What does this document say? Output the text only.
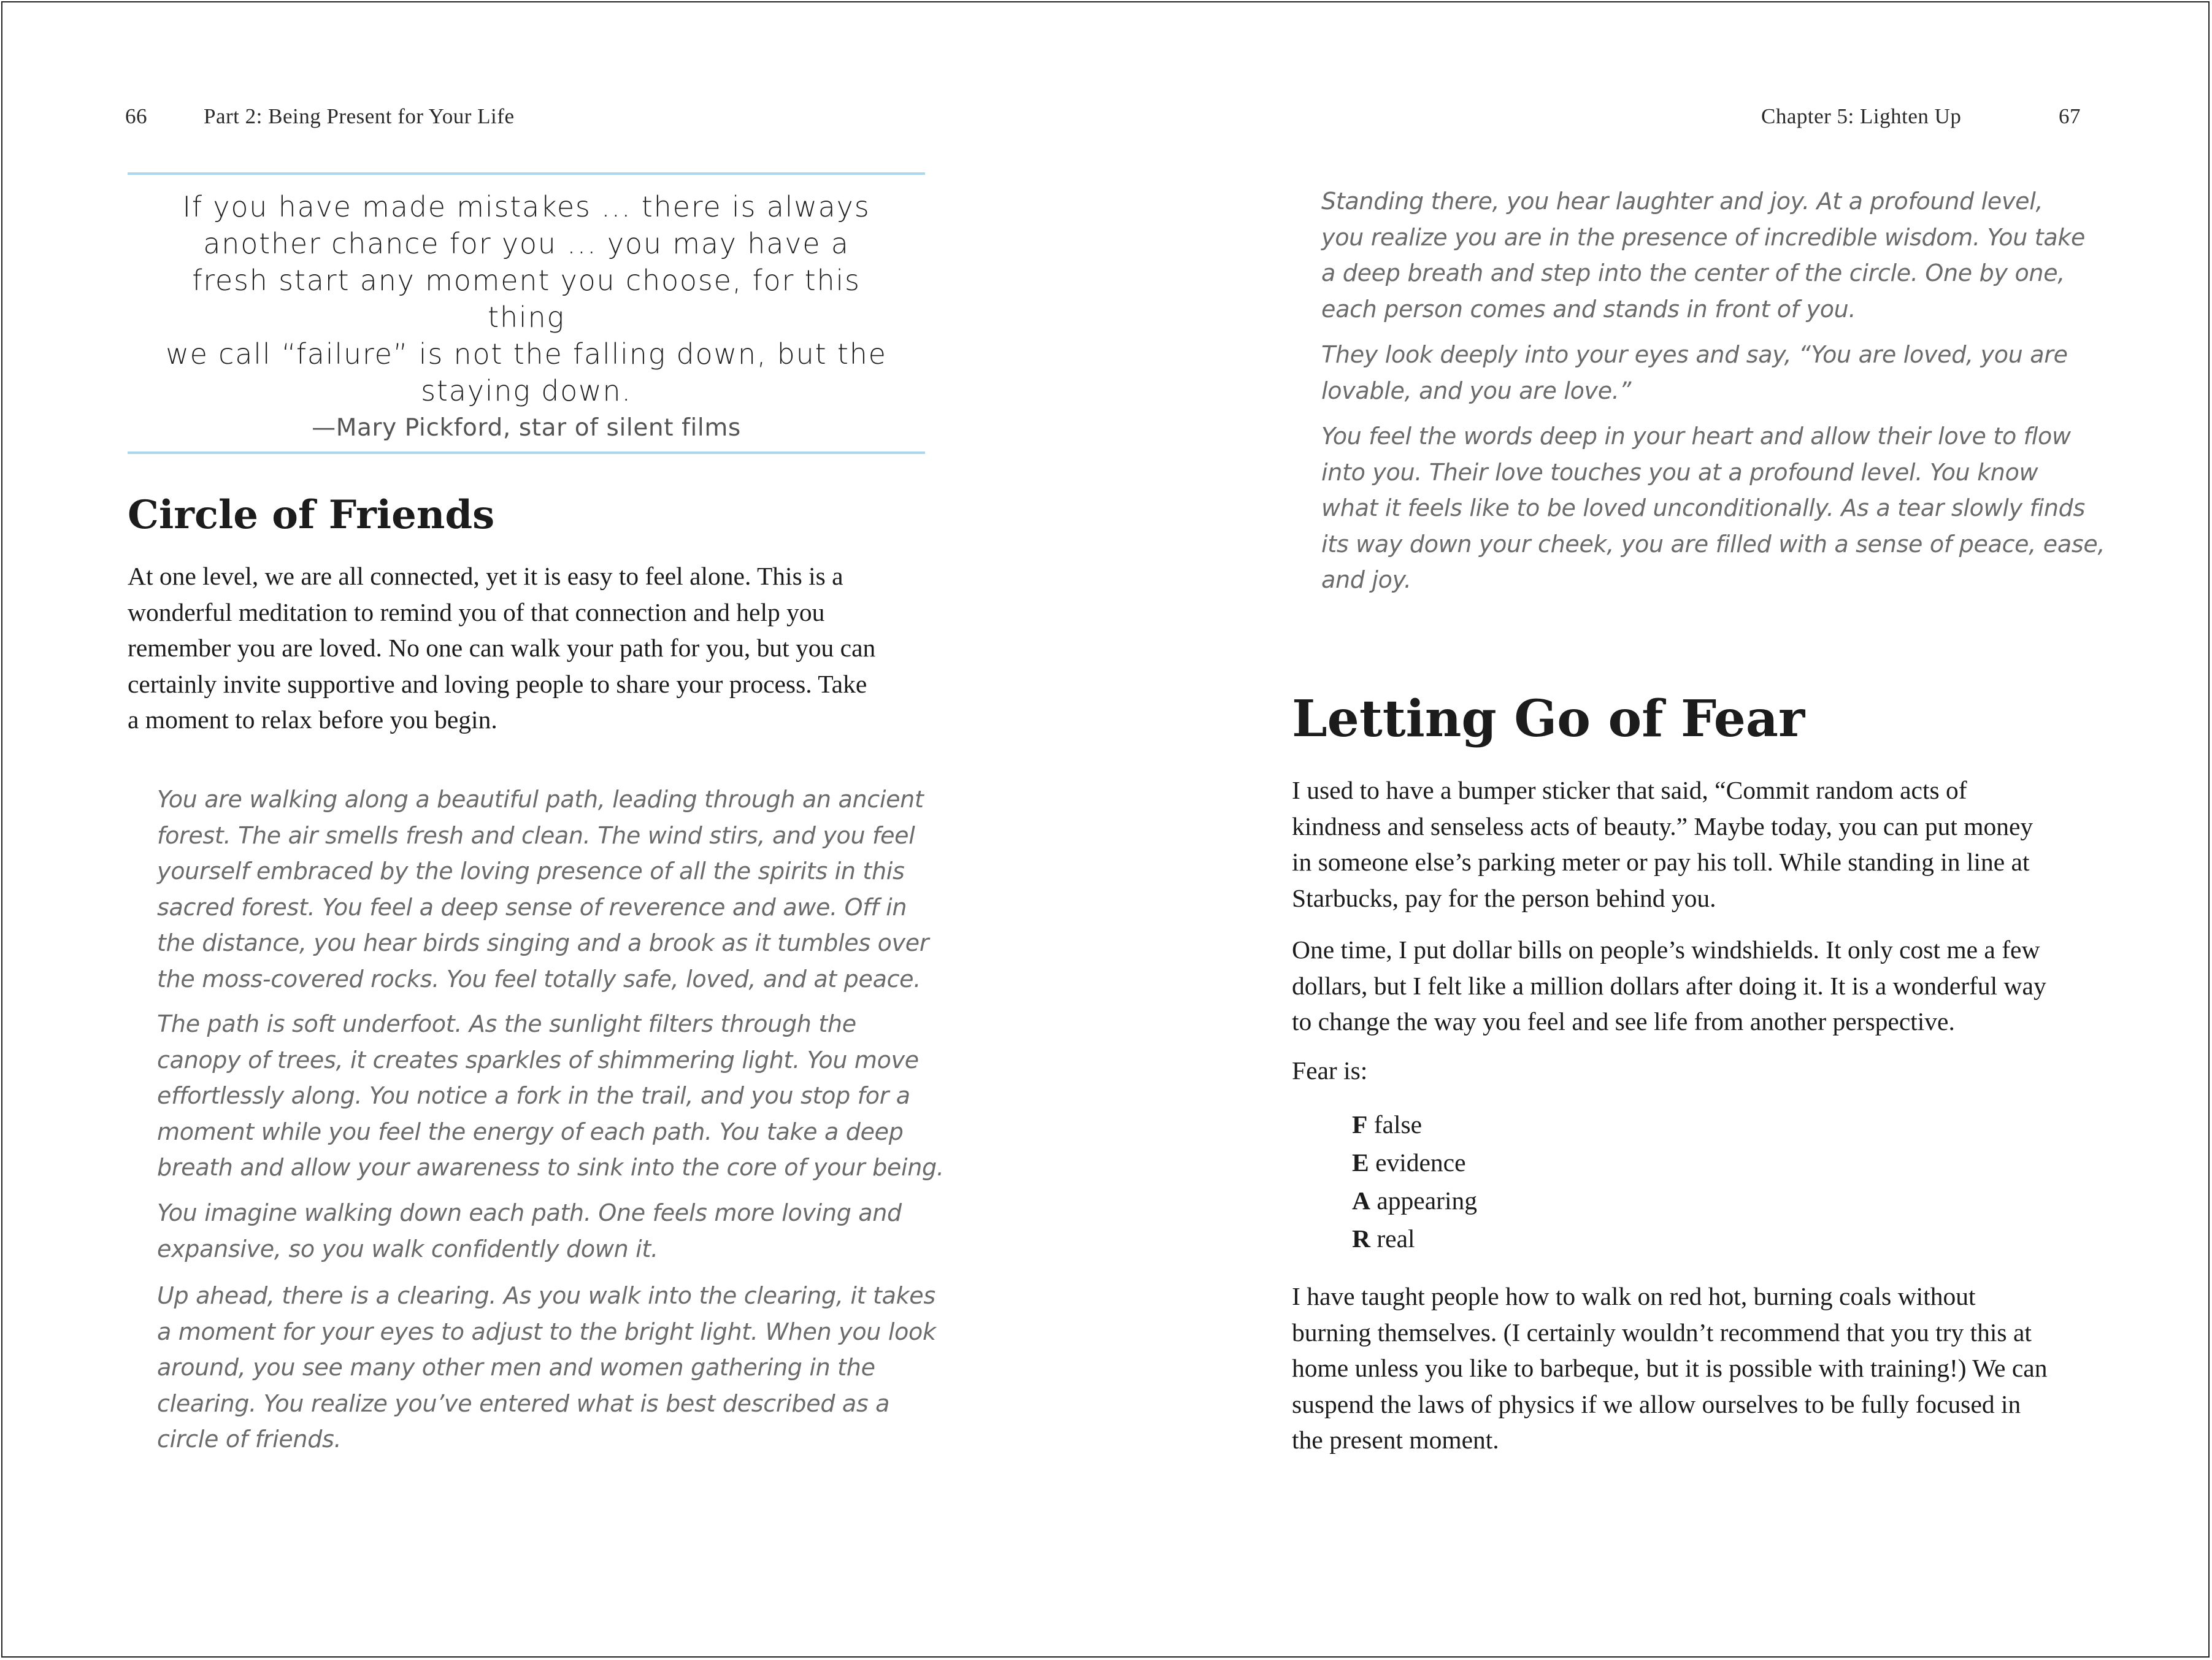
66	Part 2: Being Present for Your Life
If you have made mistakes ... there is always
another chance for you ... you may have a
fresh start any moment you choose, for this thing
we call “failure” is not the falling down, but the
staying down.
—Mary Pickford, star of silent films
Circle of Friends
At one level, we are all connected, yet it is easy to feel alone. This is a
wonderful meditation to remind you of that connection and help you
remember you are loved. No one can walk your path for you, but you can
certainly invite supportive and loving people to share your process. Take
a moment to relax before you begin.
You are walking along a beautiful path, leading through an ancient
forest. The air smells fresh and clean. The wind stirs, and you feel
yourself embraced by the loving presence of all the spirits in this
sacred forest. You feel a deep sense of reverence and awe. Off in
the distance, you hear birds singing and a brook as it tumbles over
the moss-covered rocks. You feel totally safe, loved, and at peace.
The path is soft underfoot. As the sunlight filters through the
canopy of trees, it creates sparkles of shimmering light. You move
effortlessly along. You notice a fork in the trail, and you stop for a
moment while you feel the energy of each path. You take a deep
breath and allow your awareness to sink into the core of your being.
You imagine walking down each path. One feels more loving and
expansive, so you walk confidently down it.
Up ahead, there is a clearing. As you walk into the clearing, it takes
a moment for your eyes to adjust to the bright light. When you look
around, you see many other men and women gathering in the
clearing. You realize you’ve entered what is best described as a
circle of friends.
Chapter 5: Lighten Up	67
Standing there, you hear laughter and joy. At a profound level,
you realize you are in the presence of incredible wisdom. You take
a deep breath and step into the center of the circle. One by one,
each person comes and stands in front of you.
They look deeply into your eyes and say, “You are loved, you are
lovable, and you are love.”
You feel the words deep in your heart and allow their love to flow
into you. Their love touches you at a profound level. You know
what it feels like to be loved unconditionally. As a tear slowly finds
its way down your cheek, you are filled with a sense of peace, ease,
and joy.
Letting Go of Fear
I used to have a bumper sticker that said, “Commit random acts of
kindness and senseless acts of beauty.” Maybe today, you can put money
in someone else’s parking meter or pay his toll. While standing in line at
Starbucks, pay for the person behind you.
One time, I put dollar bills on people’s windshields. It only cost me a few
dollars, but I felt like a million dollars after doing it. It is a wonderful way
to change the way you feel and see life from another perspective.
Fear is:
F false
E evidence
A appearing
R real
I have taught people how to walk on red hot, burning coals without
burning themselves. (I certainly wouldn’t recommend that you try this at
home unless you like to barbeque, but it is possible with training!) We can
suspend the laws of physics if we allow ourselves to be fully focused in
the present moment.
